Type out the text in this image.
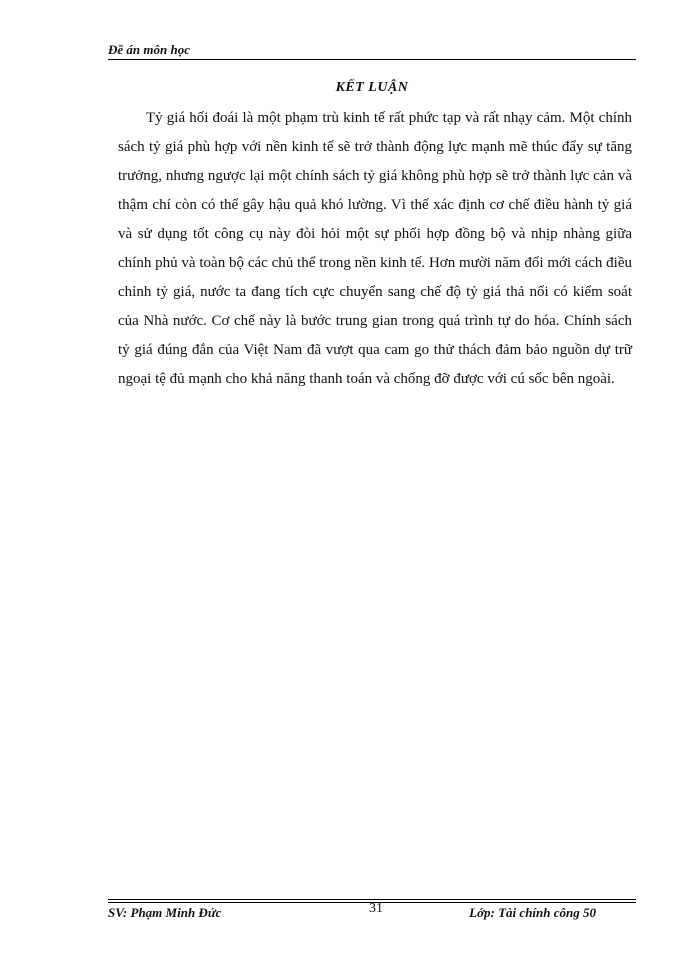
Đề án môn học
KẾT LUẬN
Tỷ giá hối đoái là một phạm trù kinh tế rất phức tạp và rất nhạy cảm. Một chính sách tỷ giá phù hợp với nền kinh tế sẽ trở thành động lực mạnh mẽ thúc đẩy sự tăng trưởng, nhưng ngược lại một chính sách tỷ giá không phù hợp sẽ trở thành lực cản và thậm chí còn có thể gây hậu quả khó lường. Vì thế xác định cơ chế điều hành tỷ giá và sử dụng tốt công cụ này đòi hỏi một sự phối hợp đồng bộ và nhịp nhàng giữa chính phủ và toàn bộ các chủ thể trong nền kinh tế. Hơn mười năm đổi mới cách điều chỉnh tỷ giá, nước ta đang tích cực chuyển sang chế độ tỷ giá thả nổi có kiểm soát của Nhà nước. Cơ chế này là bước trung gian trong quá trình tự do hóa. Chính sách tỷ giá đúng đắn của Việt Nam đã vượt qua cam go thử thách đảm bảo nguồn dự trữ ngoại tệ đủ mạnh cho khả năng thanh toán và chống đỡ được với cú sốc bên ngoài.
SV: Phạm Minh Đức	31	Lớp: Tài chính công 50
